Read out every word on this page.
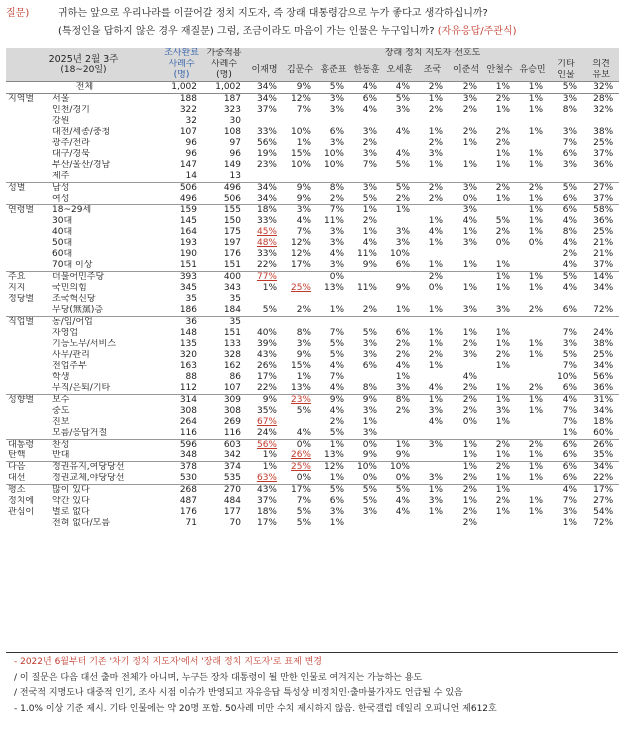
질문)	귀하는 앞으로 우리나라를 이끌어갈 정치 지도자, 즉 장래 대통령감으로 누가 좋다고 생각하십니까?
(특정인을 답하지 않은 경우 재질문) 그럼, 조금이라도 마음이 가는 인물은 누구입니까? (자유응답/주관식)
2025년 2월 3주
(18~20일)		조사완료	가중적용	장래 정치 지도자 선호도										
		사례수	사례수	이재명	김문수	홍준표	한동훈	오세훈	조국	이준석	안철수	유승민	기타	의견
		(명)	(명)										인물	유보
전체		1,002	1,002	34%	9%	5%	4%	4%	2%	2%	1%	1%	5%	32%
지역별	서울	188	187	34%	12%	3%	6%	5%	1%	3%	2%	1%	3%	28%
	인천/경기	322	323	37%	7%	3%	4%	3%	2%	2%	1%	1%	8%	32%
	강원	32	30											
	대전/세종/충청	107	108	33%	10%	6%	3%	4%	1%	2%	2%	1%	3%	38%
	광주/전라	96	97	56%	1%	3%	2%		2%	1%	2%		7%	25%
	대구/경북	96	96	19%	15%	10%	3%	4%	3%		1%	1%	6%	37%
	부산/울산/경남	147	149	23%	10%	10%	7%	5%	1%	1%	1%	1%	3%	36%
	제주	14	13											
성별	남성	506	496	34%	9%	8%	3%	5%	2%	3%	2%	2%	5%	27%
	여성	496	506	34%	9%	2%	5%	2%	2%	0%	1%	1%	6%	37%
연령별	18~29세	159	155	18%	3%	7%	1%	1%		3%		1%	6%	58%
	30대	145	150	33%	4%	11%	2%		1%	4%	5%	1%	4%	36%
	40대	164	175	45%	7%	3%	1%	3%	4%	1%	2%	1%	8%	25%
	50대	193	197	48%	12%	3%	4%	3%	1%	3%	0%	0%	4%	21%
	60대	190	176	33%	12%	4%	11%	10%					2%	21%
	70대 이상	151	151	22%	17%	3%	9%	6%	1%	1%	1%		4%	37%
주요	더불어민주당	393	400	77%		0%			2%		1%	1%	5%	14%
지지	국민의힘	345	343	1%	25%	13%	11%	9%	0%	1%	1%	1%	4%	34%
정당별	조국혁신당	35	35											
	무당(無黨)층	186	184	5%	2%	1%	2%	1%	1%	3%	3%	2%	6%	72%
직업별	농/임/어업	36	35											
	자영업	148	151	40%	8%	7%	5%	6%	1%	1%	1%		7%	24%
	기능노무/서비스	135	133	39%	3%	5%	3%	2%	1%	2%	1%	1%	3%	38%
	사무/관리	320	328	43%	9%	5%	3%	2%	2%	3%	2%	1%	5%	25%
	전업주부	163	162	26%	15%	4%	6%	4%	1%		1%		7%	34%
	학생	88	86	17%	1%	7%		1%		4%			10%	56%
	무직/은퇴/기타	112	107	22%	13%	4%	8%	3%	4%	2%	1%	2%	6%	36%
성향별	보수	314	309	9%	23%	9%	9%	8%	1%	2%	1%	1%	4%	31%
	중도	308	308	35%	5%	4%	3%	2%	3%	2%	3%	1%	7%	34%
	진보	264	269	67%		2%	1%		4%	0%	1%		7%	18%
	모름/응답거절	116	116	24%	4%	5%	3%						1%	60%
대통령	찬성	596	603	56%	0%	1%	0%	1%	3%	1%	2%	2%	6%	26%
탄핵	반대	348	342	1%	26%	13%	9%	9%		1%	1%	1%	6%	35%
다음	정권유지,여당당선	378	374	1%	25%	12%	10%	10%		1%	2%	1%	6%	34%
대선	정권교체,야당당선	530	535	63%	0%	1%	0%	0%	3%	2%	1%	1%	6%	22%
평소	많이 있다	268	270	43%	17%	5%	5%	5%	1%	2%	1%		4%	17%
정치에	약간 있다	487	484	37%	7%	6%	5%	4%	3%	1%	2%	1%	7%	27%
관심이	별로 없다	176	177	18%	5%	3%	3%	4%	1%	2%	1%	1%	3%	54%
	전혀 없다/모름	71	70	17%	5%	1%				2%			1%	72%
- 2022년 6월부터 기존 '차기 정치 지도자'에서 '장래 정치 지도자'로 표제 변경
/ 이 질문은 다음 대선 출마 전체가 아니며, 누구든 장차 대통령이 될 만한 인물로 여겨지는 가능하는 용도
/ 전국적 지명도나 대중적 인기, 조사 시점 이슈가 반영되고 자유응답 특성상 비정치인·출마불가자도 언급될 수 있음
- 1.0% 이상 기준 제시. 기타 인물에는 약 20명 포함. 50사례 미만 수치 제시하지 않음. 한국갤럽 데일리 오피니언 제612호
